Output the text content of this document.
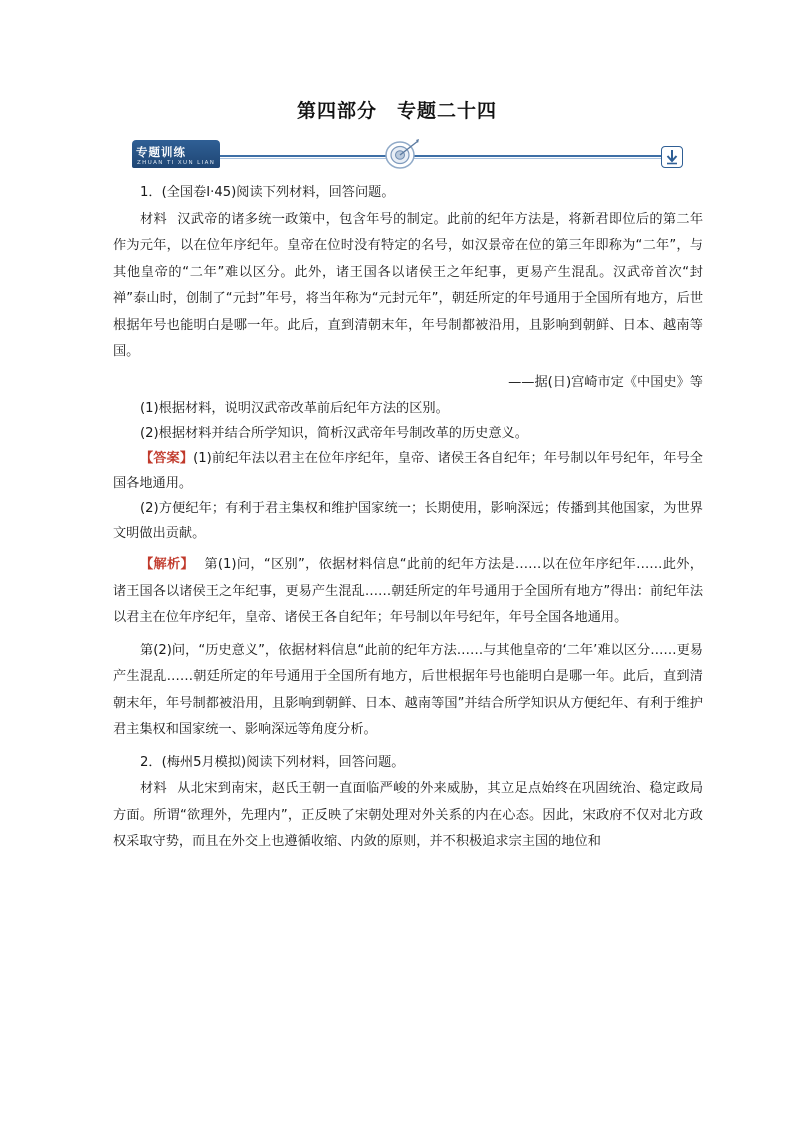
第四部分　专题二十四
专题训练
ZHUAN TI XUN LIAN

1．(全国卷Ⅰ·45)阅读下列材料，回答问题。

材料 汉武帝的诸多统一政策中，包含年号的制定。此前的纪年方法是，将新君即位后的第二年作为元年，以在位年序纪年。皇帝在位时没有特定的名号，如汉景帝在位的第三年即称为“二年”，与其他皇帝的“二年”难以区分。此外，诸王国各以诸侯王之年纪事，更易产生混乱。汉武帝首次“封禅”泰山时，创制了“元封”年号，将当年称为“元封元年”，朝廷所定的年号通用于全国所有地方，后世根据年号也能明白是哪一年。此后，直到清朝末年，年号制都被沿用，且影响到朝鲜、日本、越南等国。

——据(日)宫崎市定《中国史》等

(1)根据材料，说明汉武帝改革前后纪年方法的区别。

(2)根据材料并结合所学知识，简析汉武帝年号制改革的历史意义。

【答案】(1)前纪年法以君主在位年序纪年，皇帝、诸侯王各自纪年；年号制以年号纪年，年号全国各地通用。

(2)方便纪年；有利于君主集权和维护国家统一；长期使用，影响深远；传播到其他国家，为世界文明做出贡献。

【解析】 第(1)问，“区别”，依据材料信息“此前的纪年方法是……以在位年序纪年……此外，诸王国各以诸侯王之年纪事，更易产生混乱……朝廷所定的年号通用于全国所有地方”得出：前纪年法以君主在位年序纪年，皇帝、诸侯王各自纪年；年号制以年号纪年，年号全国各地通用。

第(2)问，“历史意义”，依据材料信息“此前的纪年方法……与其他皇帝的‘二年’难以区分……更易产生混乱……朝廷所定的年号通用于全国所有地方，后世根据年号也能明白是哪一年。此后，直到清朝末年，年号制都被沿用，且影响到朝鲜、日本、越南等国”并结合所学知识从方便纪年、有利于维护君主集权和国家统一、影响深远等角度分析。

2．(梅州5月模拟)阅读下列材料，回答问题。

材料 从北宋到南宋，赵氏王朝一直面临严峻的外来威胁，其立足点始终在巩固统治、稳定政局方面。所谓“欲理外，先理内”，正反映了宋朝处理对外关系的内在心态。因此，宋政府不仅对北方政权采取守势，而且在外交上也遵循收缩、内敛的原则，并不积极追求宗主国的地位和
